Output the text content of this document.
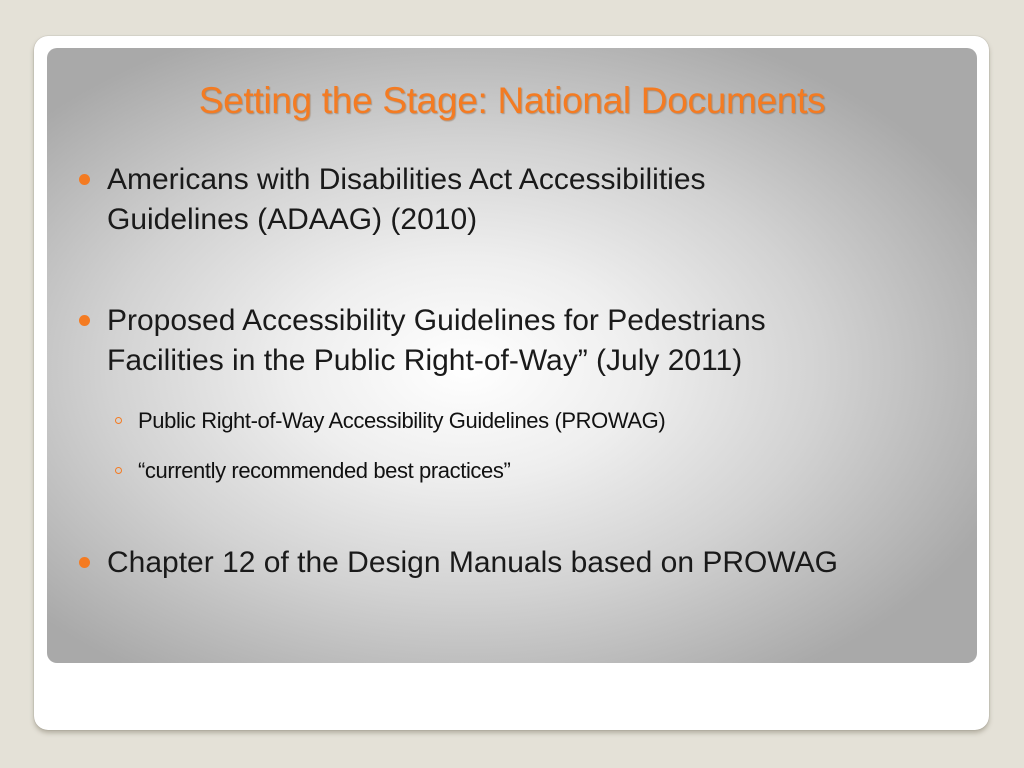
Setting the Stage: National Documents
Americans with Disabilities Act Accessibilities
Guidelines (ADAAG) (2010)
Proposed Accessibility Guidelines for Pedestrians
Facilities in the Public Right-of-Way” (July 2011)
Public Right-of-Way Accessibility Guidelines (PROWAG)
“currently recommended best practices”
Chapter 12 of the Design Manuals based on PROWAG
